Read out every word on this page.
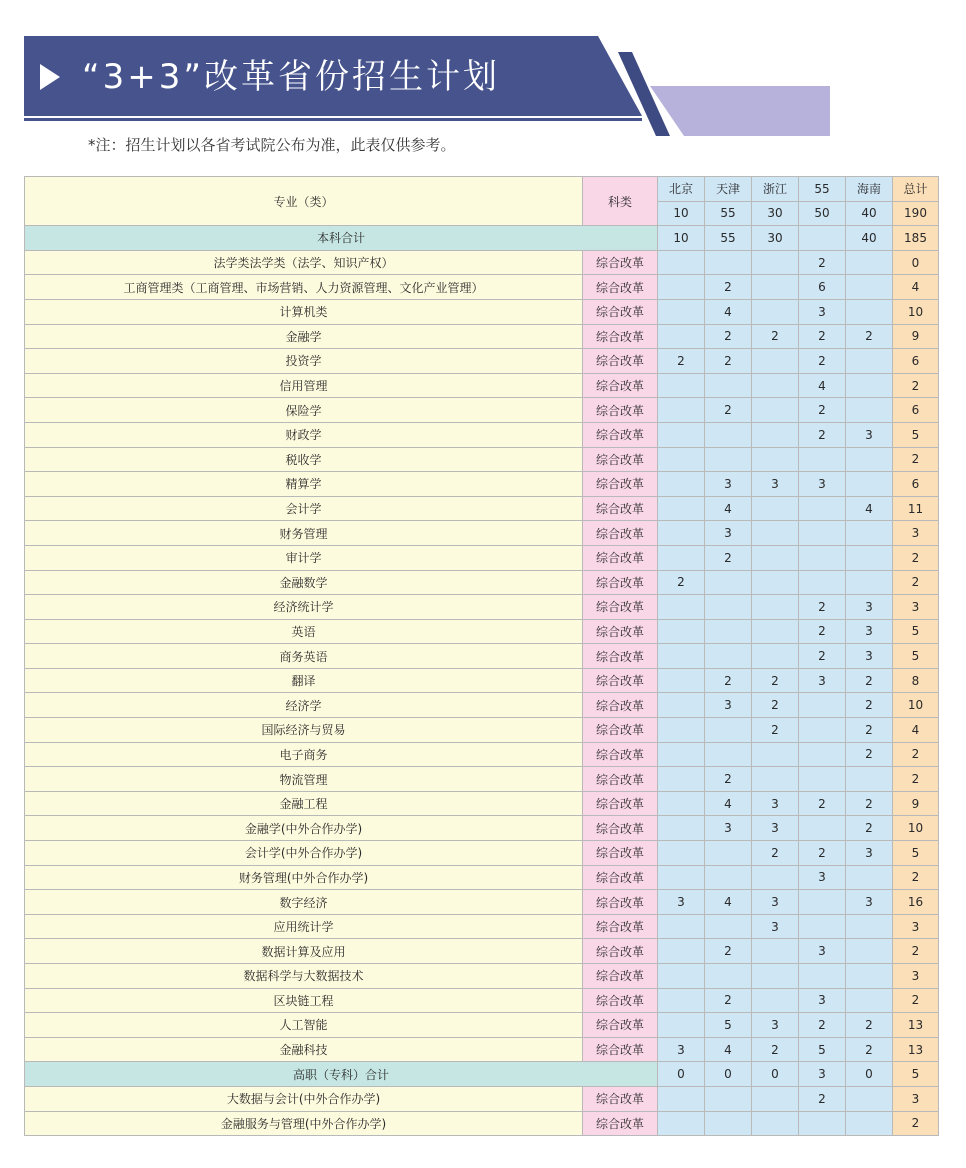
“3+3”改革省份招生计划
*注：招生计划以各省考试院公布为准，此表仅供参考。
专业（类）	科类	北京	天津	浙江	55	海南	总计
		10	55	30	50	40	190
本科合计		10	55	30		40	185
法学类法学类（法学、知识产权）	综合改革				2		0
工商管理类（工商管理、市场营销、人力资源管理、文化产业管理）	综合改革		2		6		4
计算机类	综合改革		4		3		10
金融学	综合改革		2	2	2	2	9
投资学	综合改革	2	2		2		6
信用管理	综合改革				4		2
保险学	综合改革		2		2		6
财政学	综合改革				2	3	5
税收学	综合改革						2
精算学	综合改革		3	3	3		6
会计学	综合改革		4			4	11
财务管理	综合改革		3				3
审计学	综合改革		2				2
金融数学	综合改革	2					2
经济统计学	综合改革				2	3	3
英语	综合改革				2	3	5
商务英语	综合改革				2	3	5
翻译	综合改革		2	2	3	2	8
经济学	综合改革		3	2		2	10
国际经济与贸易	综合改革			2		2	4
电子商务	综合改革					2	2
物流管理	综合改革		2				2
金融工程	综合改革		4	3	2	2	9
金融学(中外合作办学)	综合改革		3	3		2	10
会计学(中外合作办学)	综合改革			2	2	3	5
财务管理(中外合作办学)	综合改革				3		2
数字经济	综合改革	3	4	3		3	16
应用统计学	综合改革			3			3
数据计算及应用	综合改革		2		3		2
数据科学与大数据技术	综合改革						3
区块链工程	综合改革		2		3		2
人工智能	综合改革		5	3	2	2	13
金融科技	综合改革	3	4	2	5	2	13
高职（专科）合计		0	0	0	3	0	5
大数据与会计(中外合作办学)	综合改革				2		3
金融服务与管理(中外合作办学)	综合改革						2
